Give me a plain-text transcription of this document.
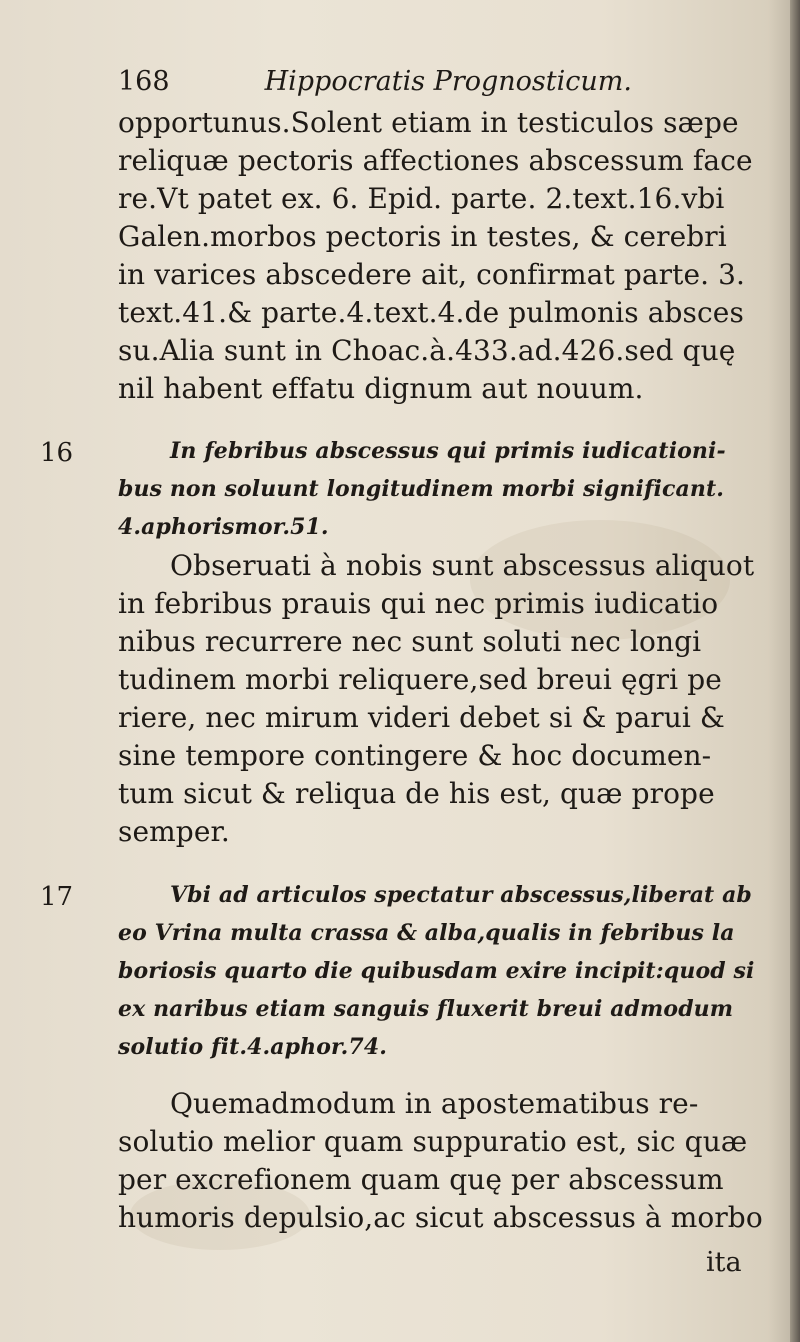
168	Hippocratis Prognosticum.
16
17
opportunus.Solent etiam in testiculos sæpe
reliquæ pectoris affectiones abscessum face
re.Vt patet ex. 6. Epid. parte. 2.text.16.vbi
Galen.morbos pectoris in testes, & cerebri
in varices abscedere ait, confirmat parte. 3.
text.41.& parte.4.text.4.de pulmonis absces
su.Alia sunt in Choac.à.433.ad.426.sed quę
nil habent effatu dignum aut nouum.
In febribus abscessus qui primis iudicationi-
bus non soluunt longitudinem morbi significant.
4.aphorismor.51.
Obseruati à nobis sunt abscessus aliquot
in febribus prauis qui nec primis iudicatio
nibus recurrere nec sunt soluti nec longi
tudinem morbi reliquere,sed breui ęgri pe
riere, nec mirum videri debet si & parui &
sine tempore contingere & hoc documen-
tum sicut & reliqua de his est, quæ prope
semper.
Vbi ad articulos spectatur abscessus,liberat ab
eo Vrina multa crassa & alba,qualis in febribus la
boriosis quarto die quibusdam exire incipit:quod si
ex naribus etiam sanguis fluxerit breui admodum
solutio fit.4.aphor.74.
Quemadmodum in apostematibus re-
solutio melior quam suppuratio est, sic quæ
per excrefionem quam quę per abscessum
humoris depulsio,ac sicut abscessus à morbo
ita
